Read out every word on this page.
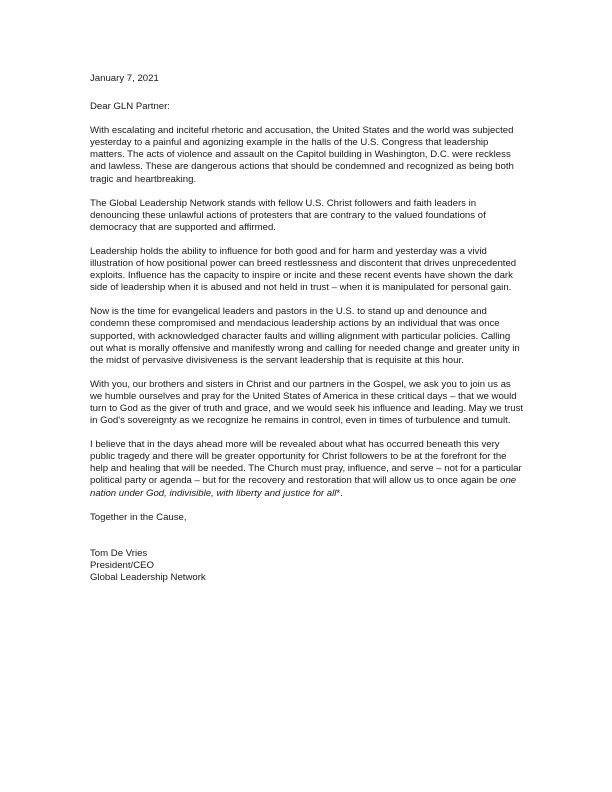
January 7, 2021
Dear GLN Partner:

With escalating and inciteful rhetoric and accusation, the United States and the world was subjected yesterday to a painful and agonizing example in the halls of the U.S. Congress that leadership matters. The acts of violence and assault on the Capitol building in Washington, D.C. were reckless and lawless. These are dangerous actions that should be condemned and recognized as being both tragic and heartbreaking.

The Global Leadership Network stands with fellow U.S. Christ followers and faith leaders in denouncing these unlawful actions of protesters that are contrary to the valued foundations of democracy that are supported and affirmed.

Leadership holds the ability to influence for both good and for harm and yesterday was a vivid illustration of how positional power can breed restlessness and discontent that drives unprecedented exploits. Influence has the capacity to inspire or incite and these recent events have shown the dark side of leadership when it is abused and not held in trust – when it is manipulated for personal gain.

Now is the time for evangelical leaders and pastors in the U.S. to stand up and denounce and condemn these compromised and mendacious leadership actions by an individual that was once supported, with acknowledged character faults and willing alignment with particular policies. Calling out what is morally offensive and manifestly wrong and calling for needed change and greater unity in the midst of pervasive divisiveness is the servant leadership that is requisite at this hour.

With you, our brothers and sisters in Christ and our partners in the Gospel, we ask you to join us as we humble ourselves and pray for the United States of America in these critical days – that we would turn to God as the giver of truth and grace, and we would seek his influence and leading. May we trust in God's sovereignty as we recognize he remains in control, even in times of turbulence and tumult.

I believe that in the days ahead more will be revealed about what has occurred beneath this very public tragedy and there will be greater opportunity for Christ followers to be at the forefront for the help and healing that will be needed. The Church must pray, influence, and serve – not for a particular political party or agenda – but for the recovery and restoration that will allow us to once again be one nation under God, indivisible, with liberty and justice for all*.

Together in the Cause,
Tom De Vries
President/CEO
Global Leadership Network
